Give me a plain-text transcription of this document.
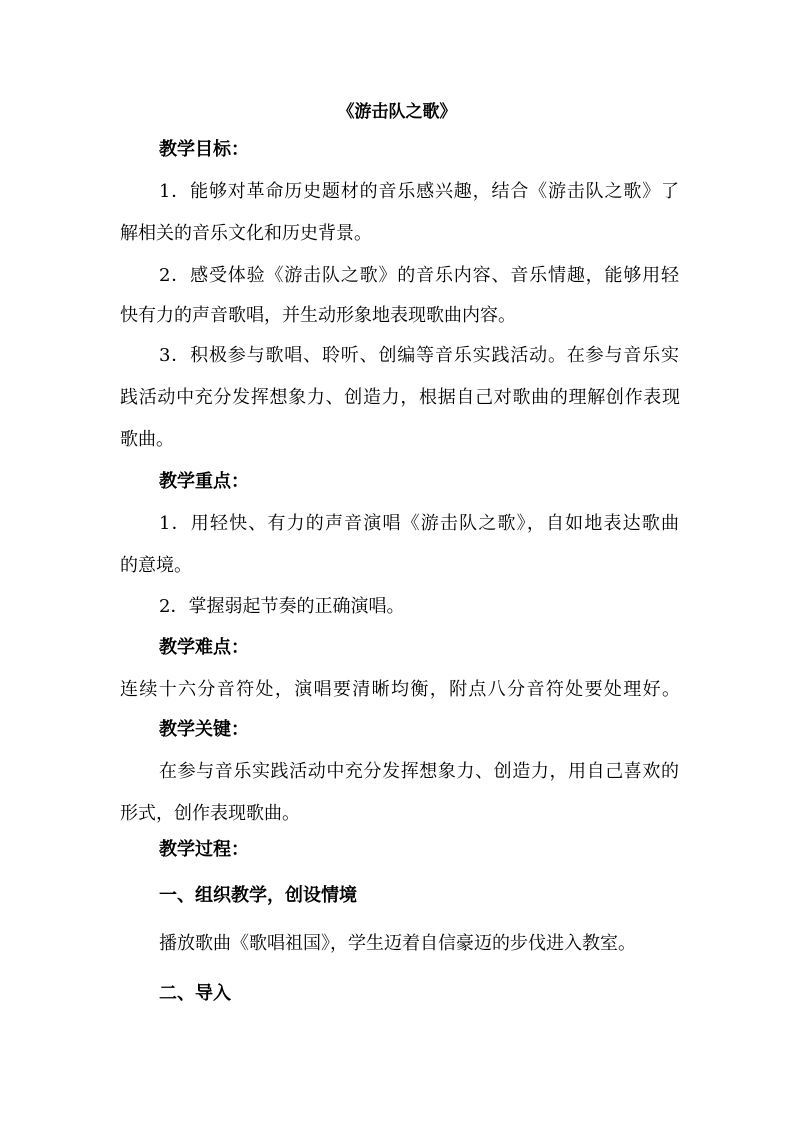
《游击队之歌》
教学目标：
1．能够对革命历史题材的音乐感兴趣，结合《游击队之歌》了
解相关的音乐文化和历史背景。
2．感受体验《游击队之歌》的音乐内容、音乐情趣，能够用轻
快有力的声音歌唱，并生动形象地表现歌曲内容。
3．积极参与歌唱、聆听、创编等音乐实践活动。在参与音乐实
践活动中充分发挥想象力、创造力，根据自己对歌曲的理解创作表现
歌曲。
教学重点：
1．用轻快、有力的声音演唱《游击队之歌》，自如地表达歌曲
的意境。
2．掌握弱起节奏的正确演唱。
教学难点：
连续十六分音符处，演唱要清晰均衡，附点八分音符处要处理好。
教学关键：
在参与音乐实践活动中充分发挥想象力、创造力，用自己喜欢的
形式，创作表现歌曲。
教学过程：
一、组织教学，创设情境
播放歌曲《歌唱祖国》，学生迈着自信豪迈的步伐进入教室。
二、导入
